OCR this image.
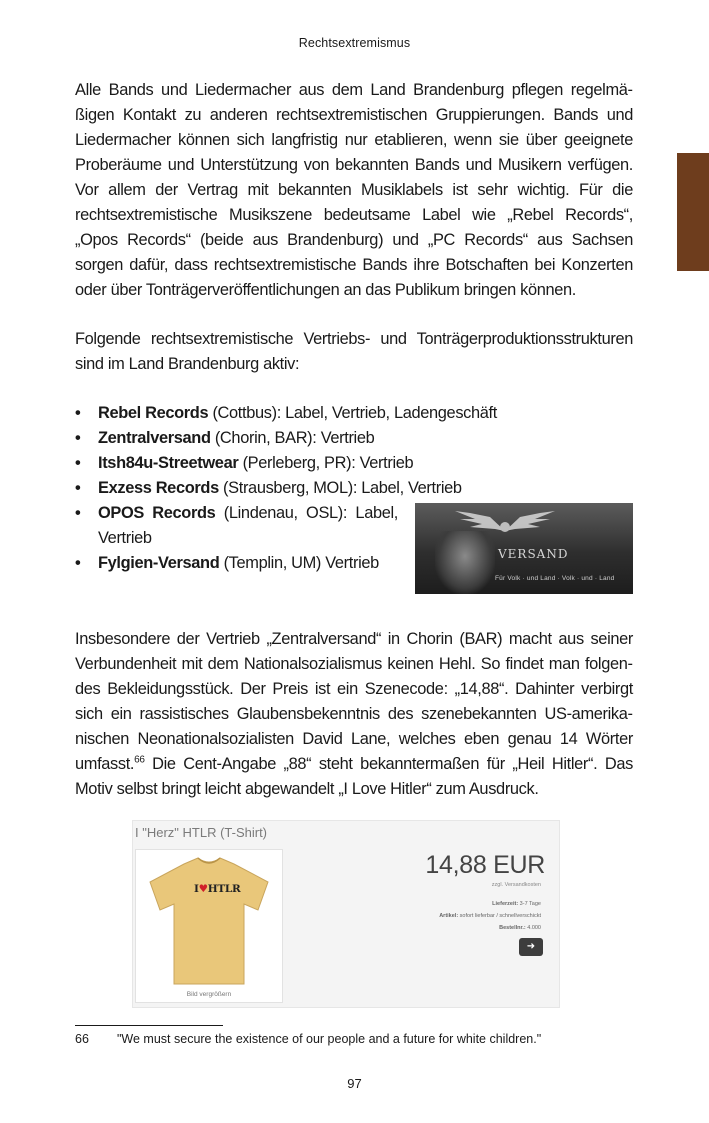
Rechtsextremismus

Alle Bands und Liedermacher aus dem Land Brandenburg pflegen regelmäßigen Kontakt zu anderen rechtsextremistischen Gruppierungen. Bands und Liedermacher können sich langfristig nur etablieren, wenn sie über geeignete Proberäume und Unterstützung von bekannten Bands und Musikern verfügen. Vor allem der Vertrag mit bekannten Musiklabels ist sehr wichtig. Für die rechtsextremistische Musikszene bedeutsame Label wie „Rebel Records“, „Opos Records“ (beide aus Brandenburg) und „PC Records“ aus Sachsen sorgen dafür, dass rechtsextremistische Bands ihre Botschaften bei Konzerten oder über Tonträgerveröffentlichungen an das Publikum bringen können.

Folgende rechtsextremistische Vertriebs- und Tonträgerproduktionsstrukturen sind im Land Brandenburg aktiv:

• Rebel Records (Cottbus): Label, Vertrieb, Ladengeschäft
• Zentralversand (Chorin, BAR): Vertrieb
• Itsh84u-Streetwear (Perleberg, PR): Vertrieb
• Exzess Records (Strausberg, MOL): Label, Vertrieb
• OPOS Records (Lindenau, OSL): Label, Vertrieb
• Fylgien-Versand (Templin, UM) Vertrieb	VERSAND
Für Volk · und Land · Volk · und · Land

Insbesondere der Vertrieb „Zentralversand“ in Chorin (BAR) macht aus seiner Verbundenheit mit dem Nationalsozialismus keinen Hehl. So findet man folgendes Bekleidungsstück. Der Preis ist ein Szenecode: „14,88“. Dahinter verbirgt sich ein rassistisches Glaubensbekenntnis des szenebekannten US-amerikanischen Neonationalsozialisten David Lane, welches eben genau 14 Wörter umfasst.$^{66}$ Die Cent-Angabe „88“ steht bekanntermaßen für „Heil Hitler“. Das Motiv selbst bringt leicht abgewandelt „I Love Hitler“ zum Ausdruck.

I "Herz" HTLR (T-Shirt)
I♥HTLR
Bild vergrößern
14,88 EUR
zzgl. Versandkosten
Lieferzeit: 3-7 Tage
Artikel: sofort lieferbar / schnellverschickt
Bestellnr.: 4.000
➜
66 "We must secure the existence of our people and a future for white children."
97
